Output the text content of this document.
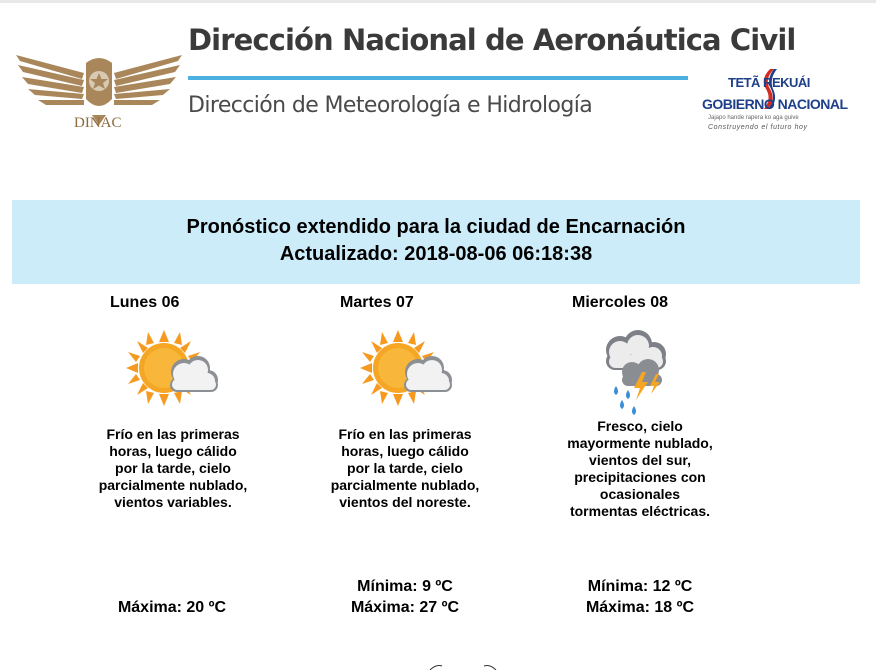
DINAC
Dirección Nacional de Aeronáutica Civil
Dirección de Meteorología e Hidrología
TETÃ REKUÁI
GOBIERNO NACIONAL
Jajapo hande rapera ko aga guive
Construyendo el futuro hoy
Pronóstico extendido para la ciudad de Encarnación
Actualizado: 2018-08-06 06:18:38
Lunes 06
Frío en las primeras horas, luego cálido por la tarde, cielo parcialmente nublado, vientos variables.
Máxima: 20 ºC
Martes 07
Frío en las primeras horas, luego cálido por la tarde, cielo parcialmente nublado, vientos del noreste.
Mínima: 9 ºC
Máxima: 27 ºC
Miercoles 08
Fresco, cielo mayormente nublado, vientos del sur, precipitaciones con ocasionales tormentas eléctricas.
Mínima: 12 ºC
Máxima: 18 ºC
